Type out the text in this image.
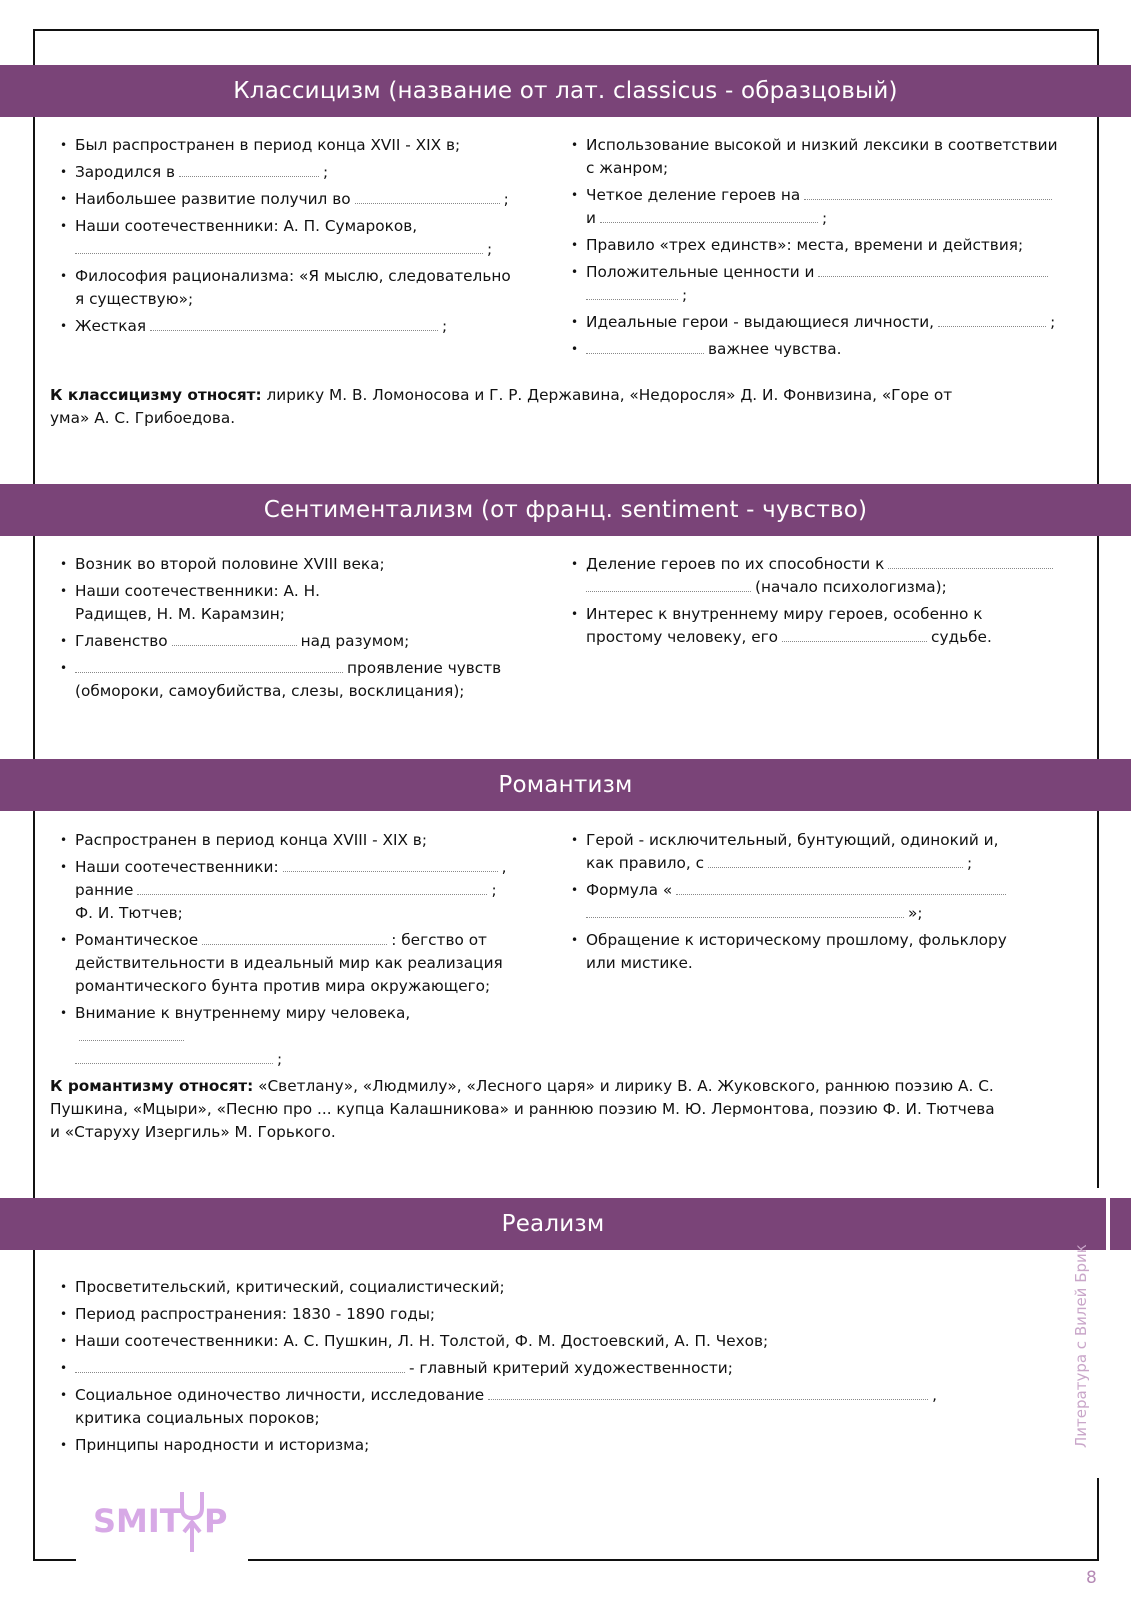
Классицизм (название от лат. classicus - образцовый)
• Был распространен в период конца XVII - XIX в;
• Зародился в	;
• Наибольшее развитие получил во	;
• Наши соотечественники: А. П. Сумароков,
;
• Философия рационализма: «Я мыслю, следовательно я существую»;
• Жесткая	;
• Использование высокой и низкий лексики в соответствии с жанром;
• Четкое деление героев на
и	;
• Правило «трех единств»: места, времени и действия;
• Положительные ценности и
;
• Идеальные герои - выдающиеся личности,	;
• важнее чувства.
К классицизму относят: лирику М. В. Ломоносова и Г. Р. Державина, «Недоросля» Д. И. Фонвизина, «Горе от ума» А. С. Грибоедова.
Сентиментализм (от франц. sentiment - чувство)
• Возник во второй половине XVIII века;
• Наши соотечественники: А. Н. Радищев, Н. М. Карамзин;
• Главенство	над разумом;
• проявление чувств (обмороки, самоубийства, слезы, восклицания);
• Деление героев по их способности к
(начало психологизма);
• Интерес к внутреннему миру героев, особенно к простому человеку, его	судьбе.
Романтизм
• Распространен в период конца XVIII - XIX в;
• Наши соотечественники:	,
ранние	;
Ф. И. Тютчев;
• Романтическое	: бегство от действительности в идеальный мир как реализация романтического бунта против мира окружающего;
• Внимание к внутреннему миру человека,
;
• Герой - исключительный, бунтующий, одинокий и, как правило, с	;
• Формула «
»;
• Обращение к историческому прошлому, фольклору или мистике.
К романтизму относят: «Светлану», «Людмилу», «Лесного царя» и лирику В. А. Жуковского, раннюю поэзию А. С. Пушкина, «Мцыри», «Песню про ... купца Калашникова» и раннюю поэзию М. Ю. Лермонтова, поэзию Ф. И. Тютчева и «Старуху Изергиль» М. Горького.
Реализм
• Просветительский, критический, социалистический;
• Период распространения: 1830 - 1890 годы;
• Наши соотечественники: А. С. Пушкин, Л. Н. Толстой, Ф. М. Достоевский, А. П. Чехов;
• - главный критерий художественности;
• Социальное одиночество личности, исследование	, критика социальных пороков;
• Принципы народности и историзма;	Литература с Вилей Брик
8
SMIT P
